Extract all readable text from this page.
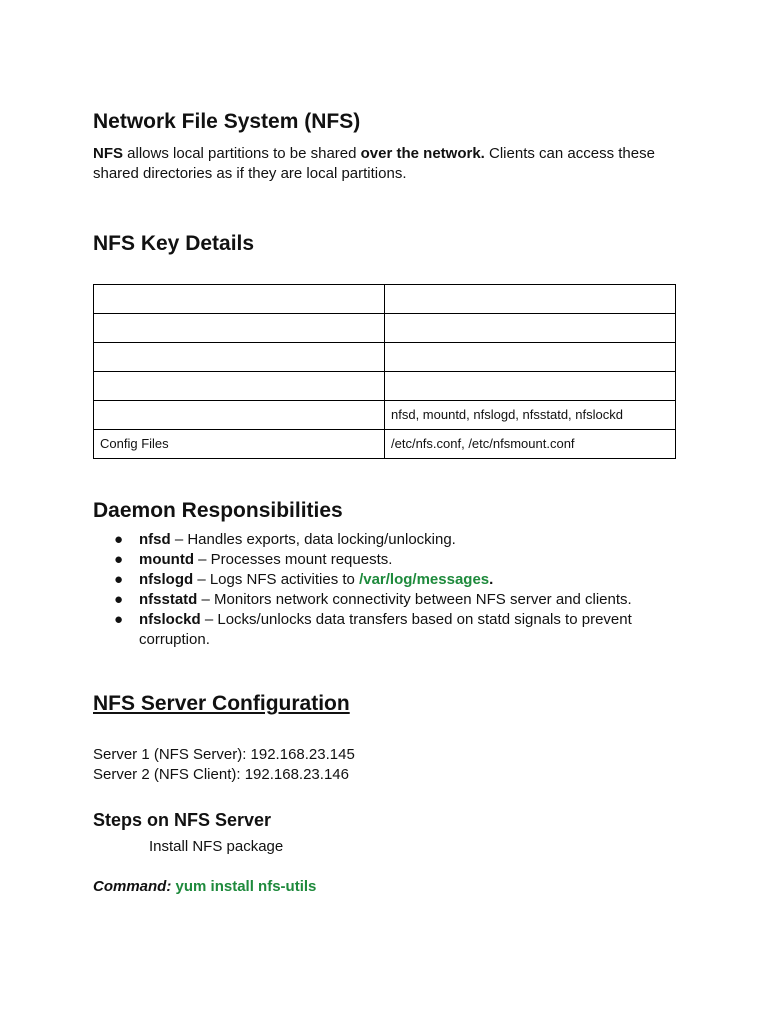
Network File System (NFS)

NFS allows local partitions to be shared over the network. Clients can access these shared directories as if they are local partitions.

NFS Key Details

	nfsd, mountd, nfslogd, nfsstatd, nfslockd
Config Files	/etc/nfs.conf, /etc/nfsmount.conf
Daemon Responsibilities
● nfsd – Handles exports, data locking/unlocking.
● mountd – Processes mount requests.
● nfslogd – Logs NFS activities to /var/log/messages.
● nfsstatd – Monitors network connectivity between NFS server and clients.
● nfslockd – Locks/unlocks data transfers based on statd signals to prevent corruption.
NFS Server Configuration
Server 1 (NFS Server): 192.168.23.145
Server 2 (NFS Client): 192.168.23.146
Steps on NFS Server
Install NFS package
Command: yum install nfs-utils
